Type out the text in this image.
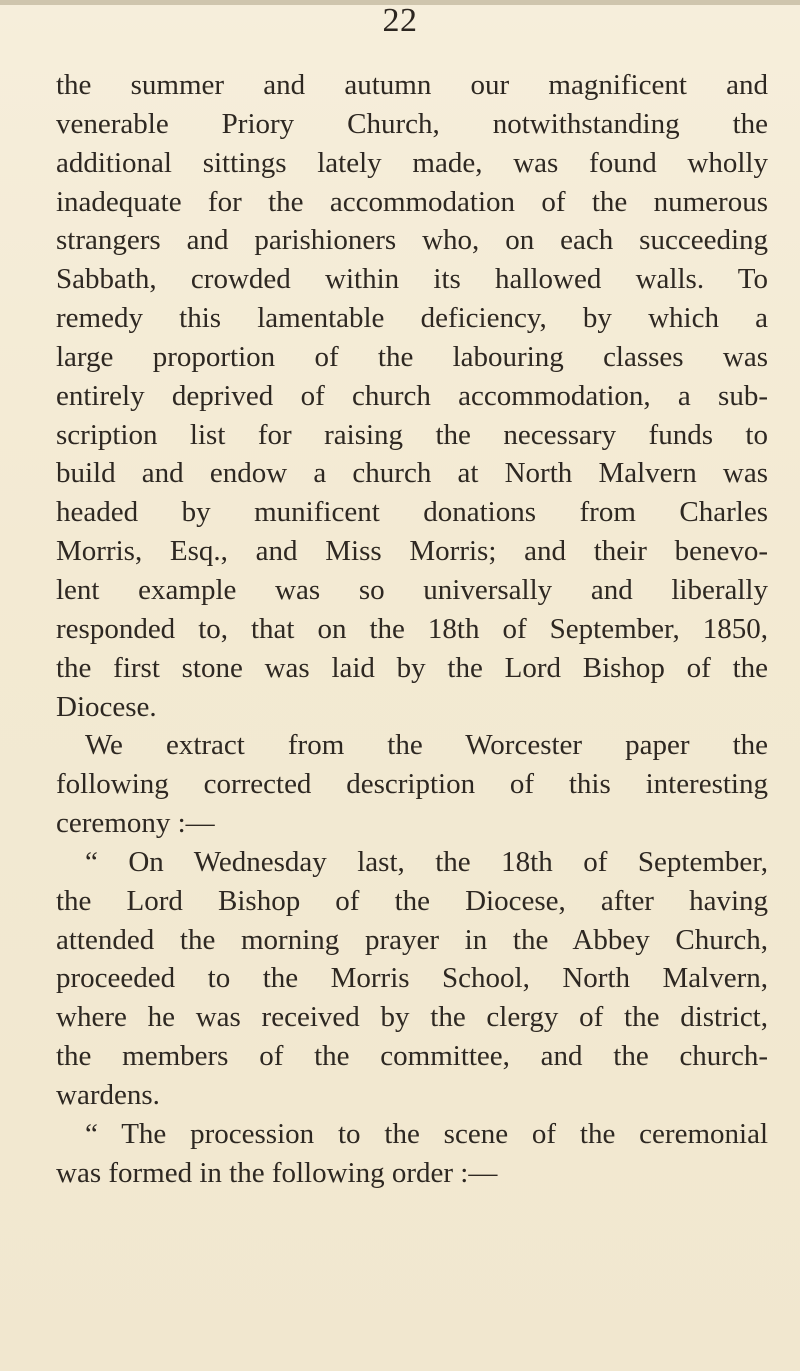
22
the summer and autumn our magnificent and
venerable Priory Church, notwithstanding the
additional sittings lately made, was found wholly
inadequate for the accommodation of the numerous
strangers and parishioners who, on each succeeding
Sabbath, crowded within its hallowed walls. To
remedy this lamentable deficiency, by which a
large proportion of the labouring classes was
entirely deprived of church accommodation, a sub-
scription list for raising the necessary funds to
build and endow a church at North Malvern was
headed by munificent donations from Charles
Morris, Esq., and Miss Morris; and their benevo-
lent example was so universally and liberally
responded to, that on the 18th of September, 1850,
the first stone was laid by the Lord Bishop of the
Diocese.
We extract from the Worcester paper the
following corrected description of this interesting
ceremony :—
“ On Wednesday last, the 18th of September,
the Lord Bishop of the Diocese, after having
attended the morning prayer in the Abbey Church,
proceeded to the Morris School, North Malvern,
where he was received by the clergy of the district,
the members of the committee, and the church-
wardens.
“ The procession to the scene of the ceremonial
was formed in the following order :—
